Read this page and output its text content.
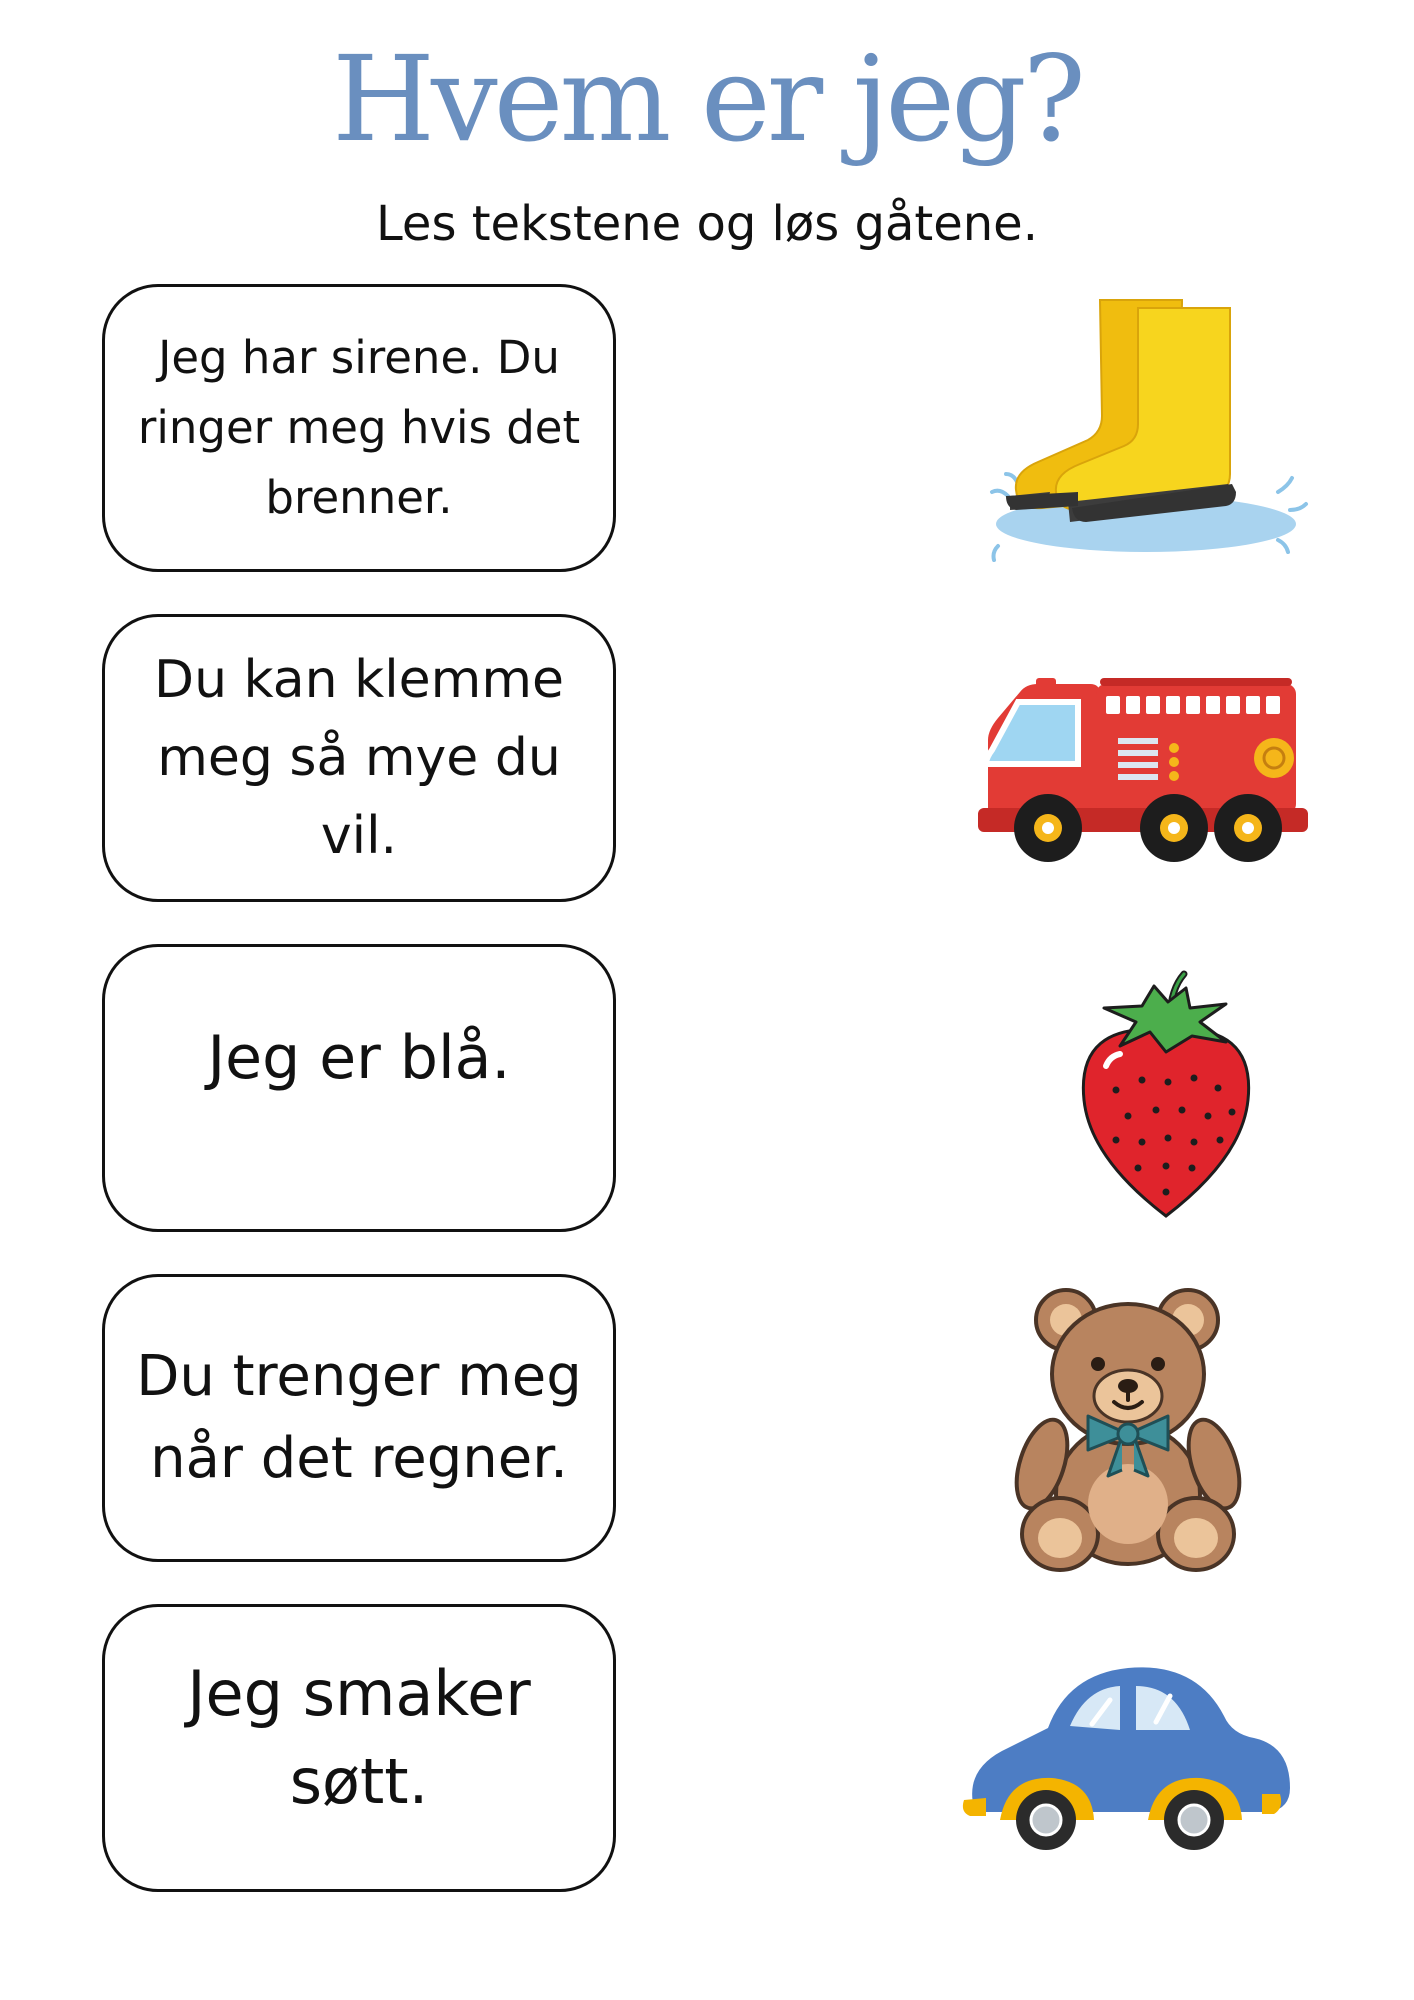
Hvem er jeg?
Les tekstene og løs gåtene.
Jeg har sirene. Du ringer meg hvis det brenner.
Du kan klemme meg så mye du vil.
Jeg er blå.
Du trenger meg når det regner.
Jeg smaker søtt.
